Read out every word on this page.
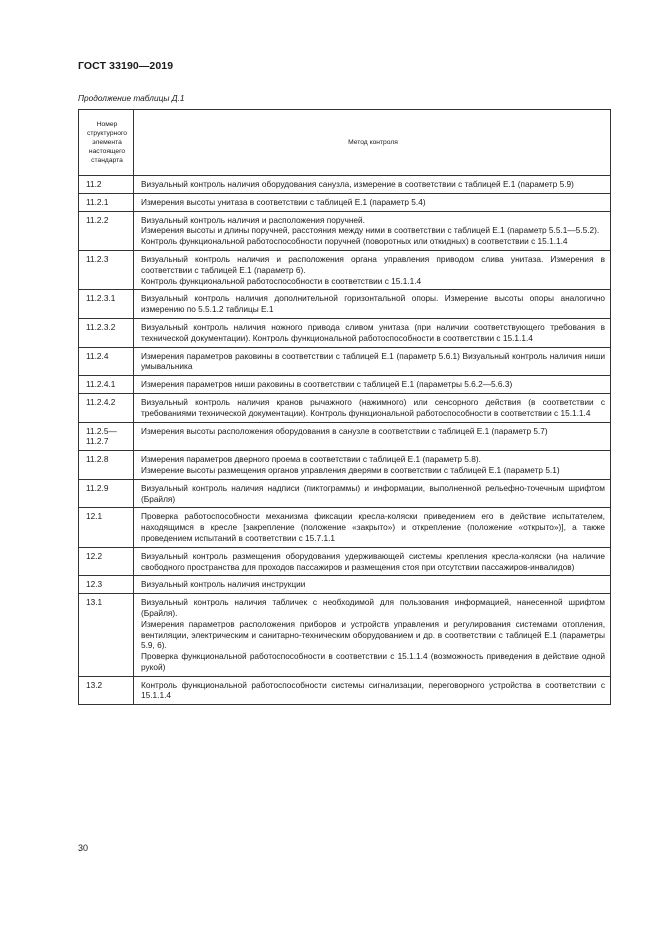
ГОСТ 33190—2019
Продолжение таблицы Д.1
Номер структурного элемента настоящего стандарта	Метод контроля
11.2	Визуальный контроль наличия оборудования санузла, измерение в соответствии с таблицей Е.1 (параметр 5.9)

11.2.1	Измерения высоты унитаза в соответствии с таблицей Е.1 (параметр 5.4)

11.2.2	Визуальный контроль наличия и расположения поручней.
Измерения высоты и длины поручней, расстояния между ними в соответствии с таблицей Е.1 (параметр 5.5.1—5.5.2).
Контроль функциональной работоспособности поручней (поворотных или откидных) в соответствии с 15.1.1.4

11.2.3	Визуальный контроль наличия и расположения органа управления приводом слива унитаза. Измерения в соответствии с таблицей Е.1 (параметр 6).
Контроль функциональной работоспособности в соответствии с 15.1.1.4

11.2.3.1	Визуальный контроль наличия дополнительной горизонтальной опоры. Измерение высоты опоры аналогично измерению по 5.5.1.2 таблицы Е.1

11.2.3.2	Визуальный контроль наличия ножного привода сливом унитаза (при наличии соответствующего требования в технической документации). Контроль функциональной работоспособности в соответствии с 15.1.1.4

11.2.4	Измерения параметров раковины в соответствии с таблицей Е.1 (параметр 5.6.1) Визуальный контроль наличия ниши умывальника

11.2.4.1	Измерения параметров ниши раковины в соответствии с таблицей Е.1 (параметры 5.6.2—5.6.3)

11.2.4.2	Визуальный контроль наличия кранов рычажного (нажимного) или сенсорного действия (в соответствии с требованиями технической документации). Контроль функциональной работоспособности в соответствии с 15.1.1.4

11.2.5—
11.2.7	Измерения высоты расположения оборудования в санузле в соответствии с таблицей Е.1 (параметр 5.7)

11.2.8	Измерения параметров дверного проема в соответствии с таблицей Е.1 (параметр 5.8).
Измерение высоты размещения органов управления дверями в соответствии с таблицей Е.1 (параметр 5.1)

11.2.9	Визуальный контроль наличия надписи (пиктограммы) и информации, выполненной рельефно-точечным шрифтом (Брайля)

12.1	Проверка работоспособности механизма фиксации кресла-коляски приведением его в действие испытателем, находящимся в кресле [закрепление (положение «закрыто») и открепление (положение «открыто»)], а также проведением испытаний в соответствии с 15.7.1.1

12.2	Визуальный контроль размещения оборудования удерживающей системы крепления кресла-коляски (на наличие свободного пространства для проходов пассажиров и размещения стоя при отсутствии пассажиров-инвалидов)

12.3	Визуальный контроль наличия инструкции

13.1	Визуальный контроль наличия табличек с необходимой для пользования информацией, нанесенной шрифтом (Брайля).
Измерения параметров расположения приборов и устройств управления и регулирования системами отопления, вентиляции, электрическим и санитарно-техническим оборудованием и др. в соответствии с таблицей Е.1 (параметры 5.9, 6).
Проверка функциональной работоспособности в соответствии с 15.1.1.4 (возможность приведения в действие одной рукой)

13.2	Контроль функциональной работоспособности системы сигнализации, переговорного устройства в соответствии с 15.1.1.4
30
